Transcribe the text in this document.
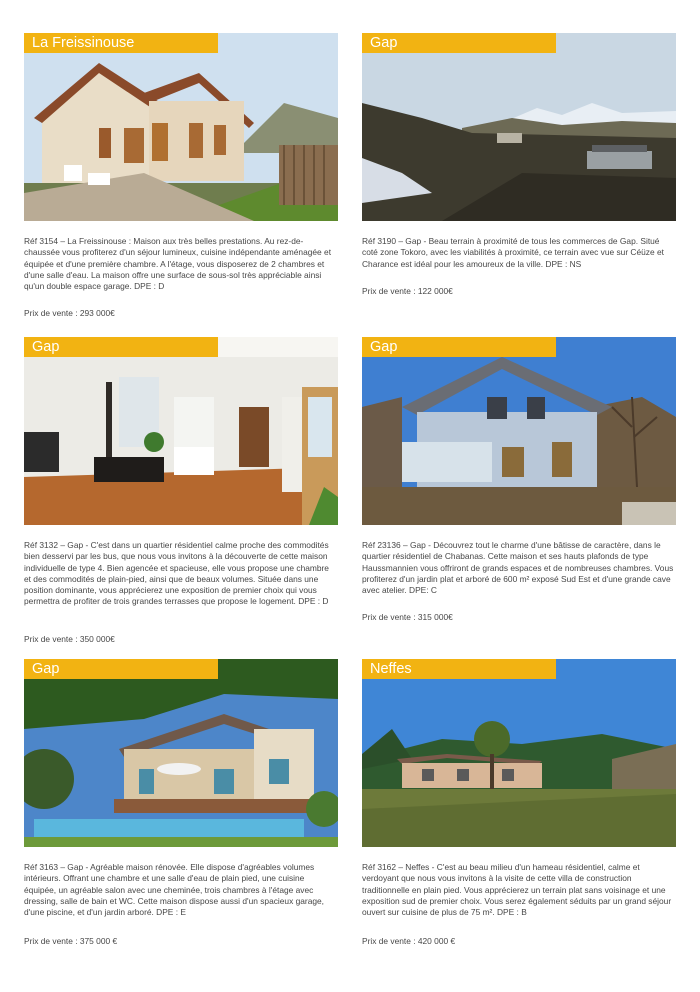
La Freissinouse

Réf 3154 – La Freissinouse : Maison aux très belles prestations. Au rez-de-chaussée vous profiterez d'un séjour lumineux, cuisine indépendante aménagée et équipée et d'une première chambre. A l'étage, vous disposerez de 2 chambres et d'une salle d'eau. La maison offre une surface de sous-sol très appréciable ainsi qu'un double espace garage. DPE : D

Prix de vente : 293 000€

Gap

Réf 3190 – Gap - Beau terrain à proximité de tous les commerces de Gap. Situé coté zone Tokoro, avec les viabilités à proximité, ce terrain avec vue sur Céüze et Charance est idéal pour les amoureux de la ville. DPE : NS

Prix de vente : 122 000€

Gap

Réf 3132 – Gap - C'est dans un quartier résidentiel calme proche des commodités bien desservi par les bus, que nous vous invitons à la découverte de cette maison individuelle de type 4. Bien agencée et spacieuse, elle vous propose une chambre et des commodités de plain-pied, ainsi que de beaux volumes. Située dans une position dominante, vous apprécierez une exposition de premier choix qui vous permettra de profiter de trois grandes terrasses que propose le logement. DPE : D

Prix de vente : 350 000€

Gap

Réf 23136 – Gap - Découvrez tout le charme d'une bâtisse de caractère, dans le quartier résidentiel de Chabanas. Cette maison et ses hauts plafonds de type Haussmannien vous offriront de grands espaces et de nombreuses chambres. Vous profiterez d'un jardin plat et arboré de 600 m² exposé Sud Est et d'une grande cave avec atelier. DPE: C

Prix de vente : 315 000€

Gap

Réf 3163 – Gap - Agréable maison rénovée. Elle dispose d'agréables volumes intérieurs. Offrant une chambre et une salle d'eau de plain pied, une cuisine équipée, un agréable salon avec une cheminée, trois chambres à l'étage avec dressing, salle de bain et WC. Cette maison dispose aussi d'un spacieux garage, d'une piscine, et d'un jardin arboré. DPE : E

Prix de vente : 375 000 €

Neffes

Réf 3162 – Neffes - C'est au beau milieu d'un hameau résidentiel, calme et verdoyant que nous vous invitons à la visite de cette villa de construction traditionnelle en plain pied. Vous apprécierez un terrain plat sans voisinage et une exposition sud de premier choix. Vous serez également séduits par un grand séjour ouvert sur cuisine de plus de 75 m². DPE : B

Prix de vente : 420 000 €
